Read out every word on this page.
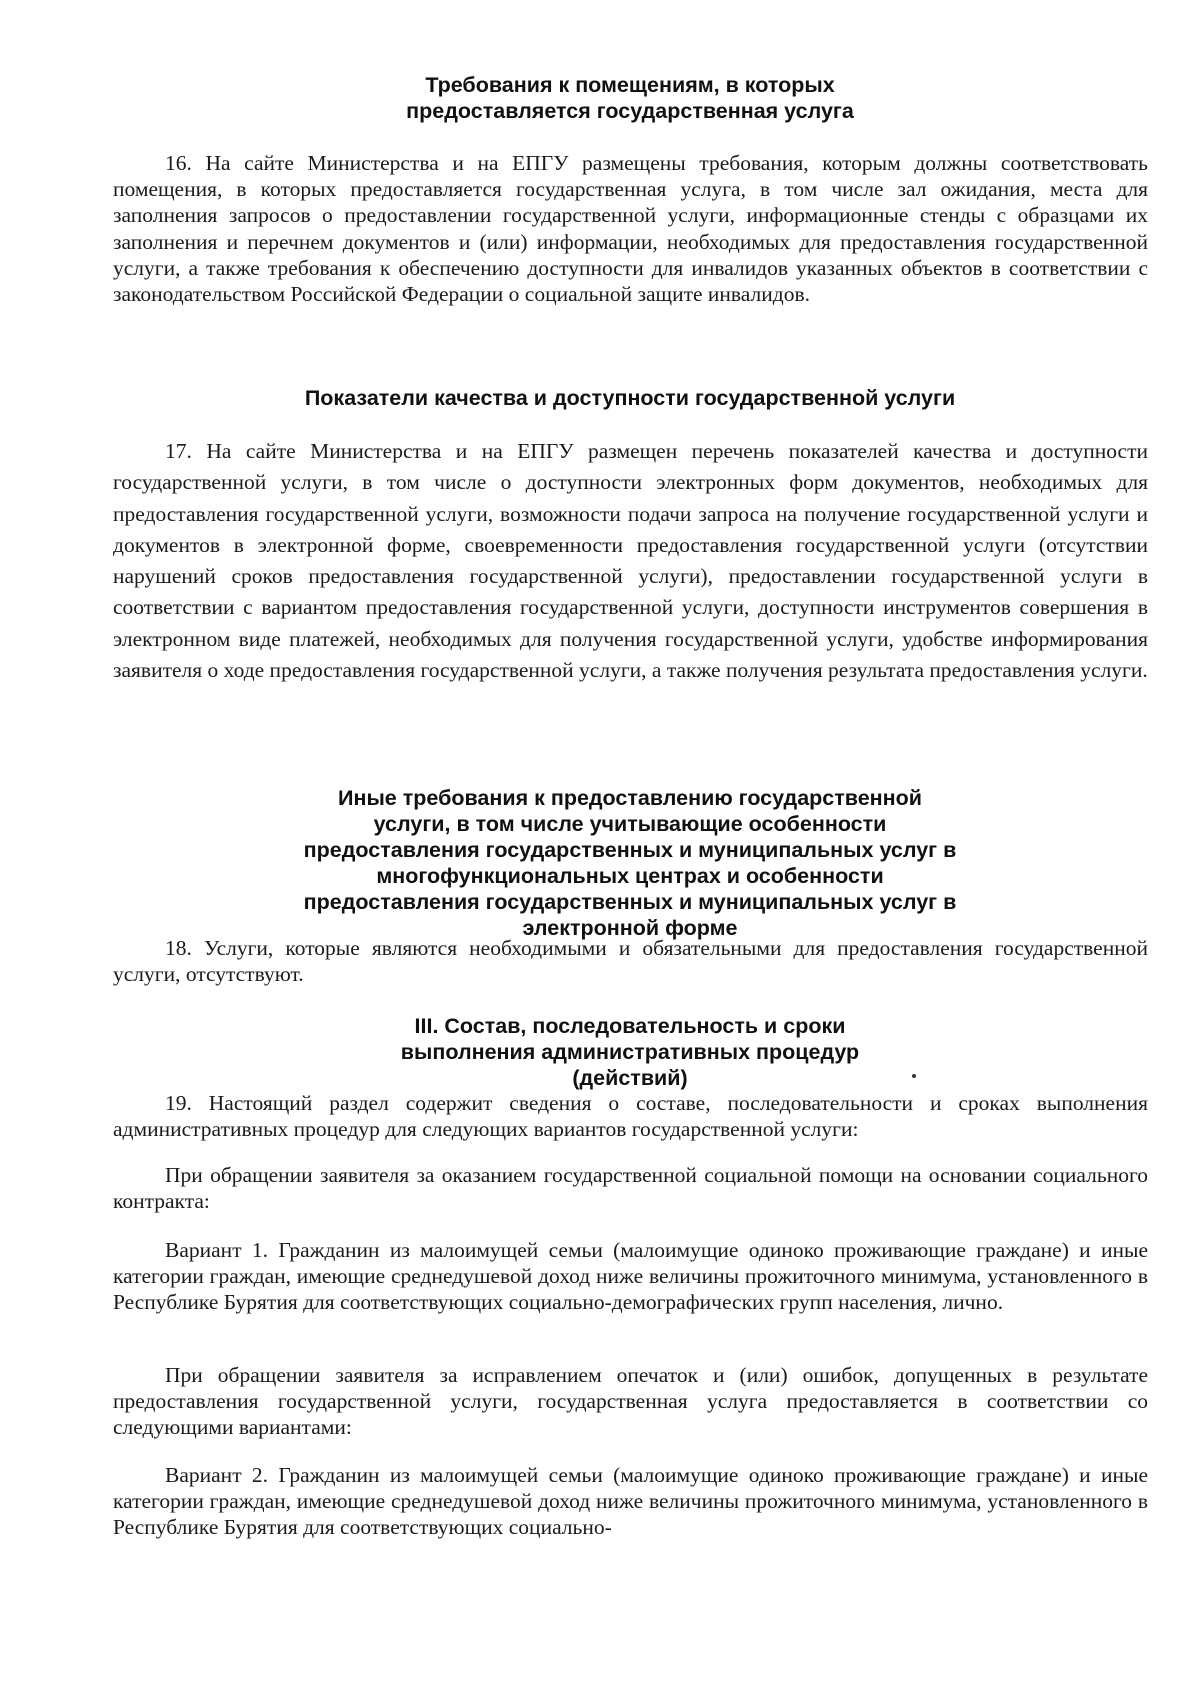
Требования к помещениям, в которых предоставляется государственная услуга

16. На сайте Министерства и на ЕПГУ размещены требования, которым должны соответствовать помещения, в которых предоставляется государственная услуга, в том числе зал ожидания, места для заполнения запросов о предоставлении государственной услуги, информационные стенды с образцами их заполнения и перечнем документов и (или) информации, необходимых для предоставления государственной услуги, а также требования к обеспечению доступности для инвалидов указанных объектов в соответствии с законодательством Российской Федерации о социальной защите инвалидов.

Показатели качества и доступности государственной услуги

17. На сайте Министерства и на ЕПГУ размещен перечень показателей качества и доступности государственной услуги, в том числе о доступности электронных форм документов, необходимых для предоставления государственной услуги, возможности подачи запроса на получение государственной услуги и документов в электронной форме, своевременности предоставления государственной услуги (отсутствии нарушений сроков предоставления государственной услуги), предоставлении государственной услуги в соответствии с вариантом предоставления государственной услуги, доступности инструментов совершения в электронном виде платежей, необходимых для получения государственной услуги, удобстве информирования заявителя о ходе предоставления государственной услуги, а также получения результата предоставления услуги.

Иные требования к предоставлению государственной услуги, в том числе учитывающие особенности предоставления государственных и муниципальных услуг в многофункциональных центрах и особенности предоставления государственных и муниципальных услуг в электронной форме

18. Услуги, которые являются необходимыми и обязательными для предоставления государственной услуги, отсутствуют.

III. Состав, последовательность и сроки выполнения административных процедур (действий)

19. Настоящий раздел содержит сведения о составе, последовательности и сроках выполнения административных процедур для следующих вариантов государственной услуги:

При обращении заявителя за оказанием государственной социальной помощи на основании социального контракта:

Вариант 1. Гражданин из малоимущей семьи (малоимущие одиноко проживающие граждане) и иные категории граждан, имеющие среднедушевой доход ниже величины прожиточного минимума, установленного в Республике Бурятия для соответствующих социально-демографических групп населения, лично.

При обращении заявителя за исправлением опечаток и (или) ошибок, допущенных в результате предоставления государственной услуги, государственная услуга предоставляется в соответствии со следующими вариантами:

Вариант 2. Гражданин из малоимущей семьи (малоимущие одиноко проживающие граждане) и иные категории граждан, имеющие среднедушевой доход ниже величины прожиточного минимума, установленного в Республике Бурятия для соответствующих социально-
